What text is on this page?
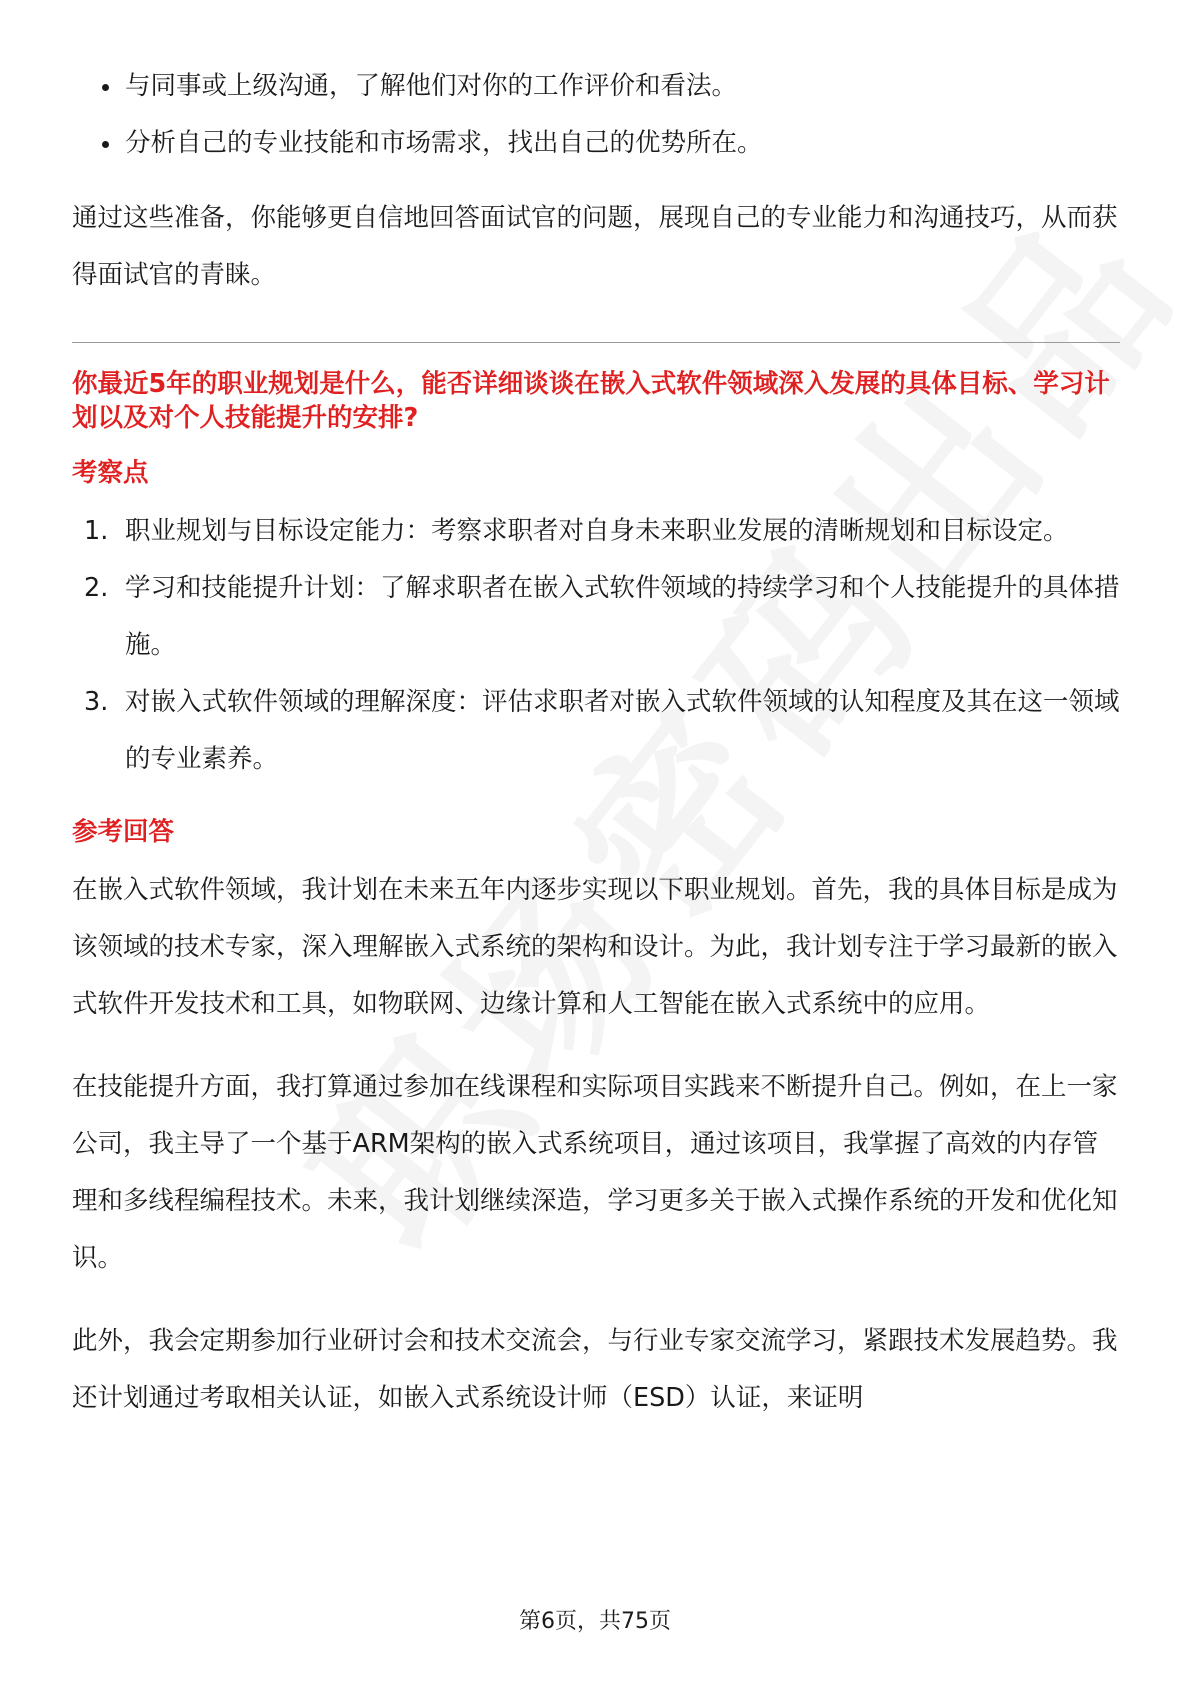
与同事或上级沟通，了解他们对你的工作评价和看法。
分析自己的专业技能和市场需求，找出自己的优势所在。

通过这些准备，你能够更自信地回答面试官的问题，展现自己的专业能力和沟通技巧，从而获得面试官的青睐。

你最近5年的职业规划是什么，能否详细谈谈在嵌入式软件领域深入发展的具体目标、学习计划以及对个人技能提升的安排?

考察点
1. 职业规划与目标设定能力：考察求职者对自身未来职业发展的清晰规划和目标设定。
2. 学习和技能提升计划：了解求职者在嵌入式软件领域的持续学习和个人技能提升的具体措施。
3. 对嵌入式软件领域的理解深度：评估求职者对嵌入式软件领域的认知程度及其在这一领域的专业素养。
参考回答

在嵌入式软件领域，我计划在未来五年内逐步实现以下职业规划。首先，我的具体目标是成为该领域的技术专家，深入理解嵌入式系统的架构和设计。为此，我计划专注于学习最新的嵌入式软件开发技术和工具，如物联网、边缘计算和人工智能在嵌入式系统中的应用。

在技能提升方面，我打算通过参加在线课程和实际项目实践来不断提升自己。例如，在上一家公司，我主导了一个基于ARM架构的嵌入式系统项目，通过该项目，我掌握了高效的内存管理和多线程编程技术。未来，我计划继续深造，学习更多关于嵌入式操作系统的开发和优化知识。

此外，我会定期参加行业研讨会和技术交流会，与行业专家交流学习，紧跟技术发展趋势。我还计划通过考取相关认证，如嵌入式系统设计师（ESD）认证，来证明

第6页，共75页
